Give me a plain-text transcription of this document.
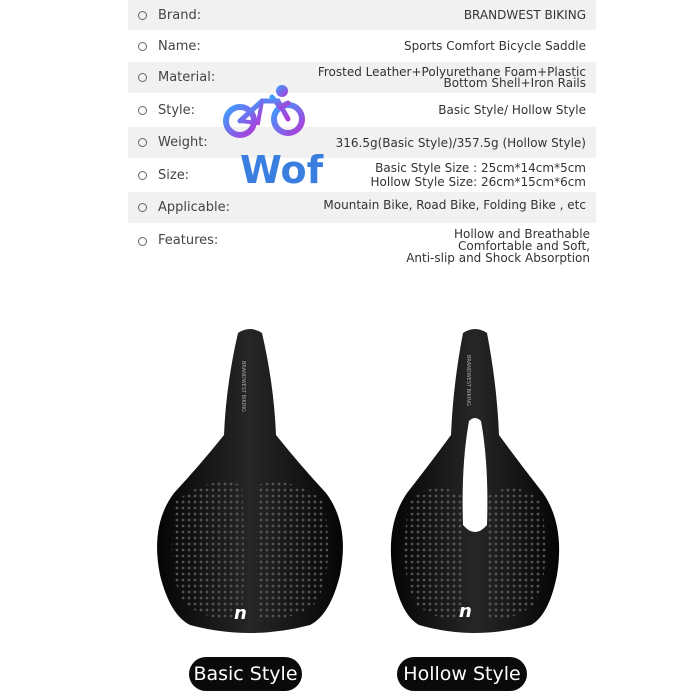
Brand:	BRANDWEST BIKING
Name:	Sports Comfort Bicycle Saddle
Material:	Frosted Leather+Polyurethane Foam+Plastic
Bottom Shell+Iron Rails
Style:	Basic Style/ Hollow Style
Weight:	316.5g(Basic Style)/357.5g (Hollow Style)
Size:	Basic Style Size : 25cm*14cm*5cm
Hollow Style Size: 26cm*15cm*6cm
Applicable:	Mountain Bike, Road Bike, Folding Bike , etc
Features:	Hollow and Breathable
Comfortable and Soft,
Anti-slip and Shock Absorption
Wof
BRANDWEST BIKING
n
BRANDWEST BIKING
n
Basic Style	Hollow Style
